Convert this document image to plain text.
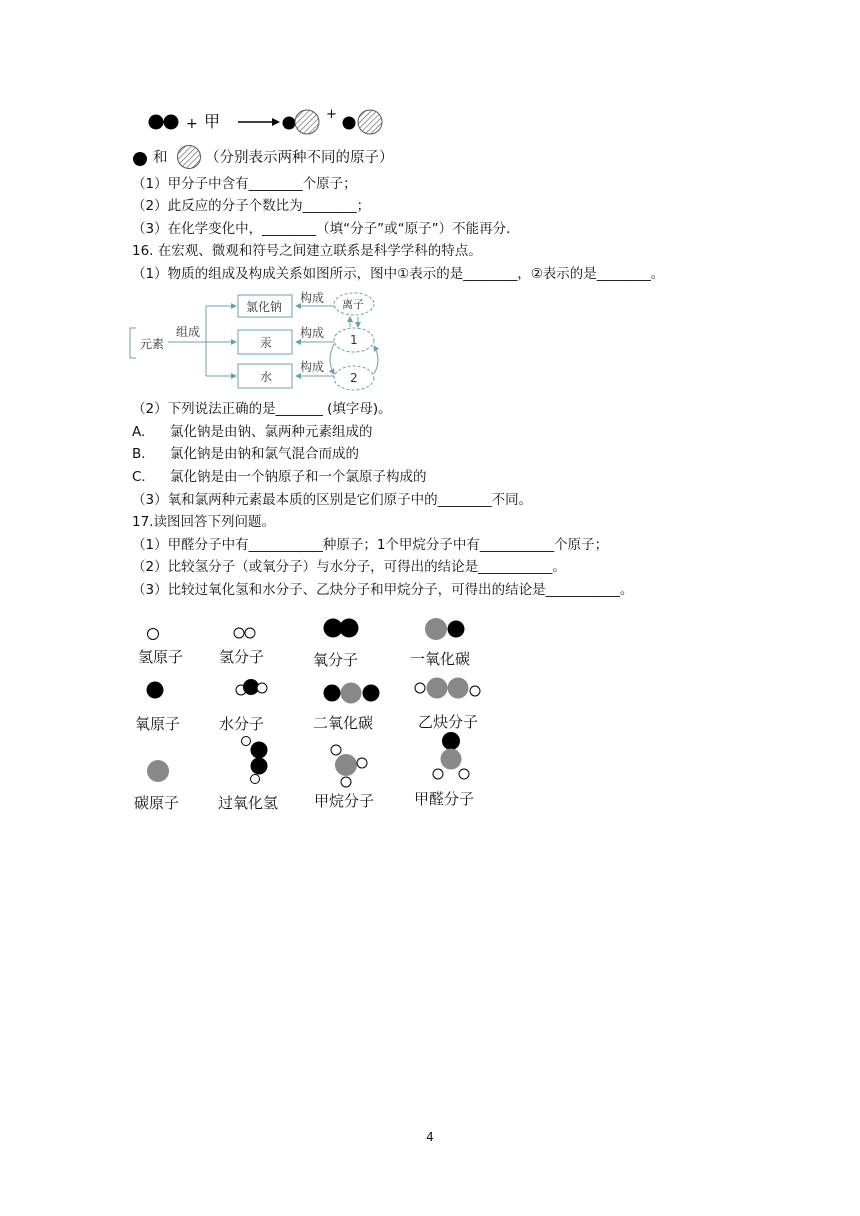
+ 甲	+
和	（分别表示两种不同的原子）
（1）甲分子中含有________个原子；
（2）此反应的分子个数比为________；
（3）在化学变化中，________（填“分子”或“原子”）不能再分.
16. 在宏观、微观和符号之间建立联系是科学学科的特点。
（1）物质的组成及构成关系如图所示，图中①表示的是________，②表示的是________。
元素
组成
氯化钠
汞
水
构成
构成
构成
离子
1
2
（2）下列说法正确的是_______ (填字母)。
A. 氯化钠是由钠、氯两种元素组成的
B. 氯化钠是由钠和氯气混合而成的
C. 氯化钠是由一个钠原子和一个氯原子构成的
（3）氧和氯两种元素最本质的区别是它们原子中的________不同。
17.读图回答下列问题。
（1）甲醛分子中有___________种原子；1个甲烷分子中有___________个原子；
（2）比较氢分子（或氧分子）与水分子，可得出的结论是___________。
（3）比较过氧化氢和水分子、乙炔分子和甲烷分子，可得出的结论是___________。
氢原子 氢分子	氧分子	一氧化碳
氧原子	水分子	二氧化碳	乙炔分子
碳原子	过氧化氢 甲烷分子	甲醛分子
4
